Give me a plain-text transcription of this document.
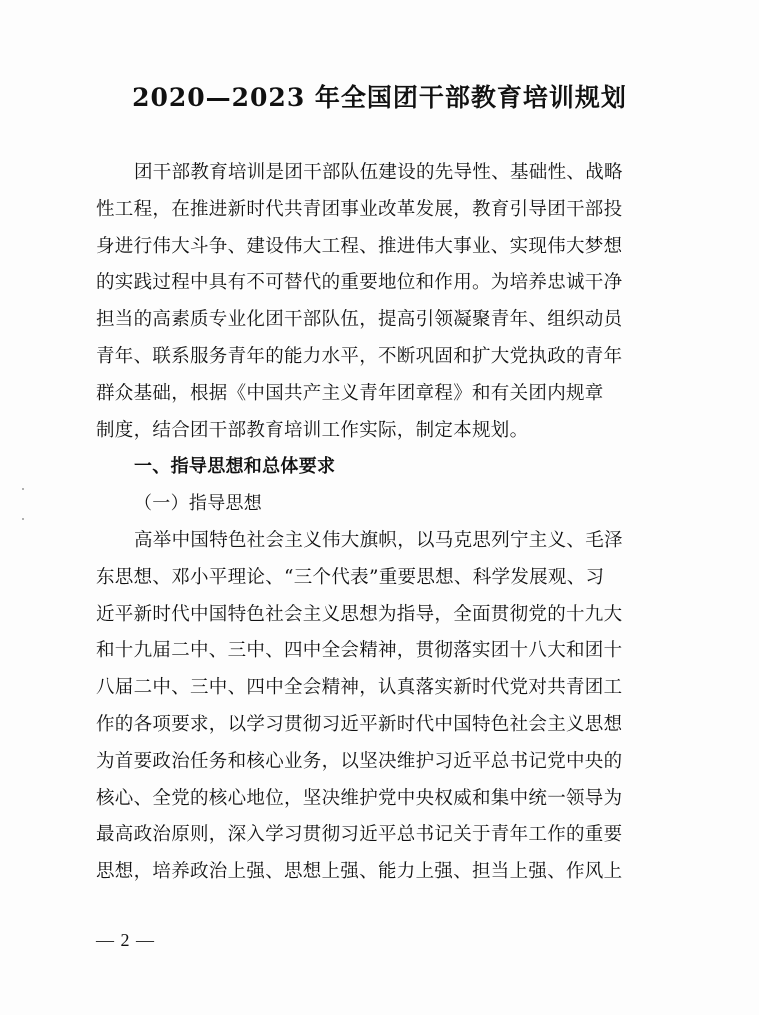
2020—2023 年全国团干部教育培训规划
团干部教育培训是团干部队伍建设的先导性、基础性、战略
性工程，在推进新时代共青团事业改革发展，教育引导团干部投
身进行伟大斗争、建设伟大工程、推进伟大事业、实现伟大梦想
的实践过程中具有不可替代的重要地位和作用。为培养忠诚干净
担当的高素质专业化团干部队伍，提高引领凝聚青年、组织动员
青年、联系服务青年的能力水平，不断巩固和扩大党执政的青年
群众基础，根据《中国共产主义青年团章程》和有关团内规章
制度，结合团干部教育培训工作实际，制定本规划。
一、指导思想和总体要求
（一）指导思想
高举中国特色社会主义伟大旗帜，以马克思列宁主义、毛泽
东思想、邓小平理论、“三个代表”重要思想、科学发展观、习
近平新时代中国特色社会主义思想为指导，全面贯彻党的十九大
和十九届二中、三中、四中全会精神，贯彻落实团十八大和团十
八届二中、三中、四中全会精神，认真落实新时代党对共青团工
作的各项要求，以学习贯彻习近平新时代中国特色社会主义思想
为首要政治任务和核心业务，以坚决维护习近平总书记党中央的
核心、全党的核心地位，坚决维护党中央权威和集中统一领导为
最高政治原则，深入学习贯彻习近平总书记关于青年工作的重要
思想，培养政治上强、思想上强、能力上强、担当上强、作风上
— 2 —
